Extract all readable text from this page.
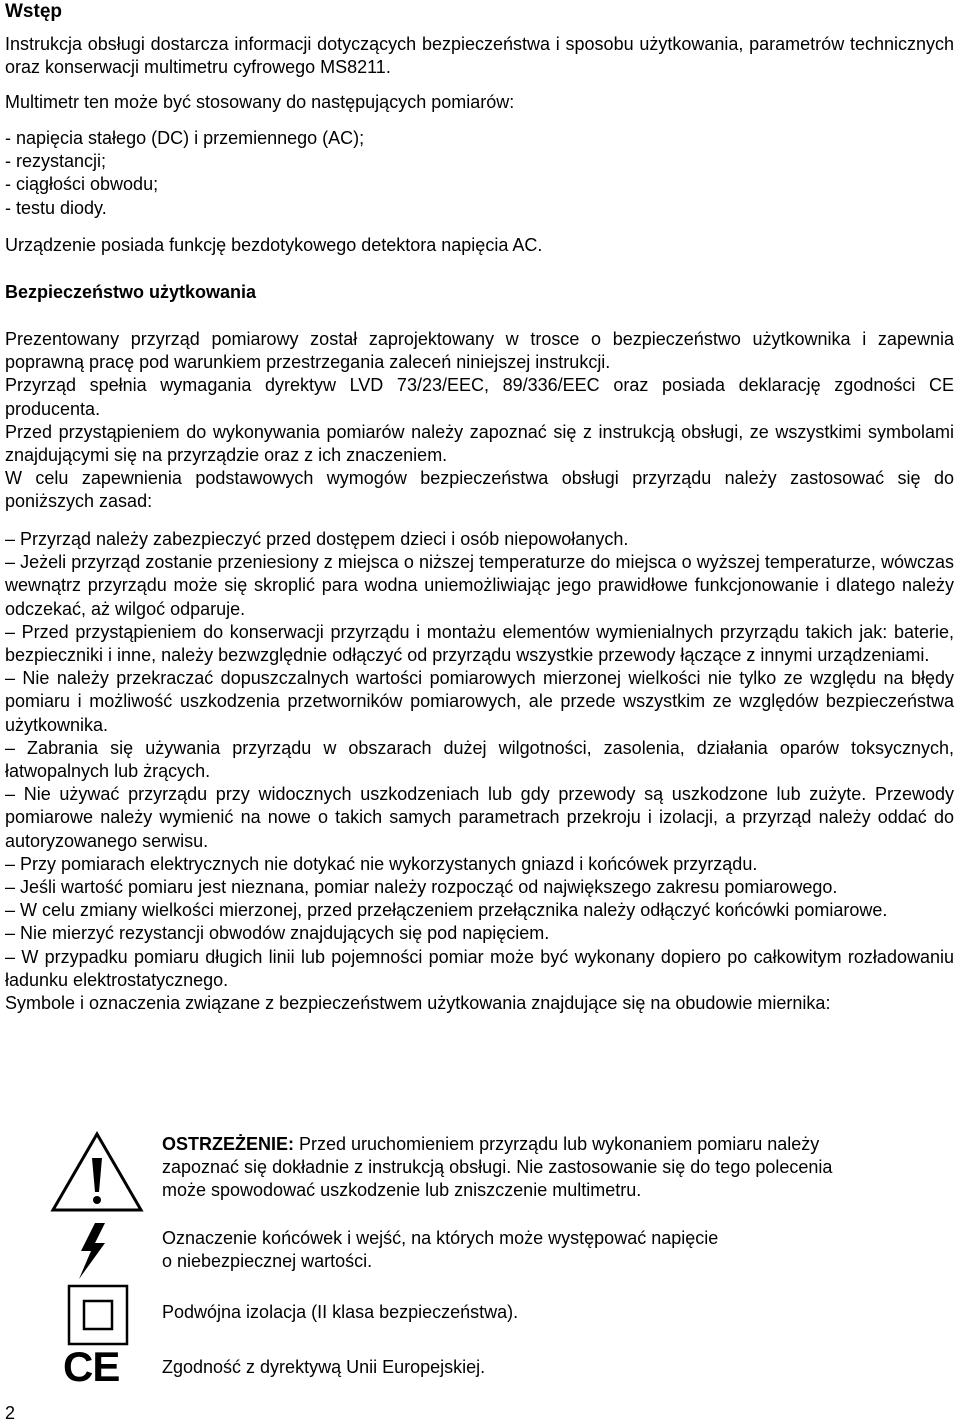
Wstęp

Instrukcja obsługi dostarcza informacji dotyczących bezpieczeństwa i sposobu użytkowania, parametrów technicznych oraz konserwacji multimetru cyfrowego MS8211.

Multimetr ten może być stosowany do następujących pomiarów:

- napięcia stałego (DC) i przemiennego (AC);

- rezystancji;

- ciągłości obwodu;

- testu diody.

Urządzenie posiada funkcję bezdotykowego detektora napięcia AC.

Bezpieczeństwo użytkowania

Prezentowany przyrząd pomiarowy został zaprojektowany w trosce o bezpieczeństwo użytkownika i zapewnia poprawną pracę pod warunkiem przestrzegania zaleceń niniejszej instrukcji.

Przyrząd spełnia wymagania dyrektyw LVD 73/23/EEC, 89/336/EEC oraz posiada deklarację zgodności CE producenta.

Przed przystąpieniem do wykonywania pomiarów należy zapoznać się z instrukcją obsługi, ze wszystkimi symbolami znajdującymi się na przyrządzie oraz z ich znaczeniem.

W celu zapewnienia podstawowych wymogów bezpieczeństwa obsługi przyrządu należy zastosować się do poniższych zasad:

– Przyrząd należy zabezpieczyć przed dostępem dzieci i osób niepowołanych.

– Jeżeli przyrząd zostanie przeniesiony z miejsca o niższej temperaturze do miejsca o wyższej temperaturze, wówczas wewnątrz przyrządu może się skroplić para wodna uniemożliwiając jego prawidłowe funkcjonowanie i dlatego należy odczekać, aż wilgoć odparuje.

– Przed przystąpieniem do konserwacji przyrządu i montażu elementów wymienialnych przyrządu takich jak: baterie, bezpieczniki i inne, należy bezwzględnie odłączyć od przyrządu wszystkie przewody łączące z innymi urządzeniami.

– Nie należy przekraczać dopuszczalnych wartości pomiarowych mierzonej wielkości nie tylko ze względu na błędy pomiaru i możliwość uszkodzenia przetworników pomiarowych, ale przede wszystkim ze względów bezpieczeństwa użytkownika.

– Zabrania się używania przyrządu w obszarach dużej wilgotności, zasolenia, działania oparów toksycznych, łatwopalnych lub żrących.

– Nie używać przyrządu przy widocznych uszkodzeniach lub gdy przewody są uszkodzone lub zużyte. Przewody pomiarowe należy wymienić na nowe o takich samych parametrach przekroju i izolacji, a przyrząd należy oddać do autoryzowanego serwisu.

– Przy pomiarach elektrycznych nie dotykać nie wykorzystanych gniazd i końcówek przyrządu.

– Jeśli wartość pomiaru jest nieznana, pomiar należy rozpocząć od największego zakresu pomiarowego.

– W celu zmiany wielkości mierzonej, przed przełączeniem przełącznika należy odłączyć końcówki pomiarowe.

– Nie mierzyć rezystancji obwodów znajdujących się pod napięciem.

– W przypadku pomiaru długich linii lub pojemności pomiar może być wykonany dopiero po całkowitym rozładowaniu ładunku elektrostatycznego.

Symbole i oznaczenia związane z bezpieczeństwem użytkowania znajdujące się na obudowie miernika:

OSTRZEŻENIE: Przed uruchomieniem przyrządu lub wykonaniem pomiaru należy
zapoznać się dokładnie z instrukcją obsługi. Nie zastosowanie się do tego polecenia
może spowodować uszkodzenie lub zniszczenie multimetru.
Oznaczenie końcówek i wejść, na których może występować napięcie
o niebezpiecznej wartości.
Podwójna izolacja (II klasa bezpieczeństwa).
CE Zgodność z dyrektywą Unii Europejskiej.
2
